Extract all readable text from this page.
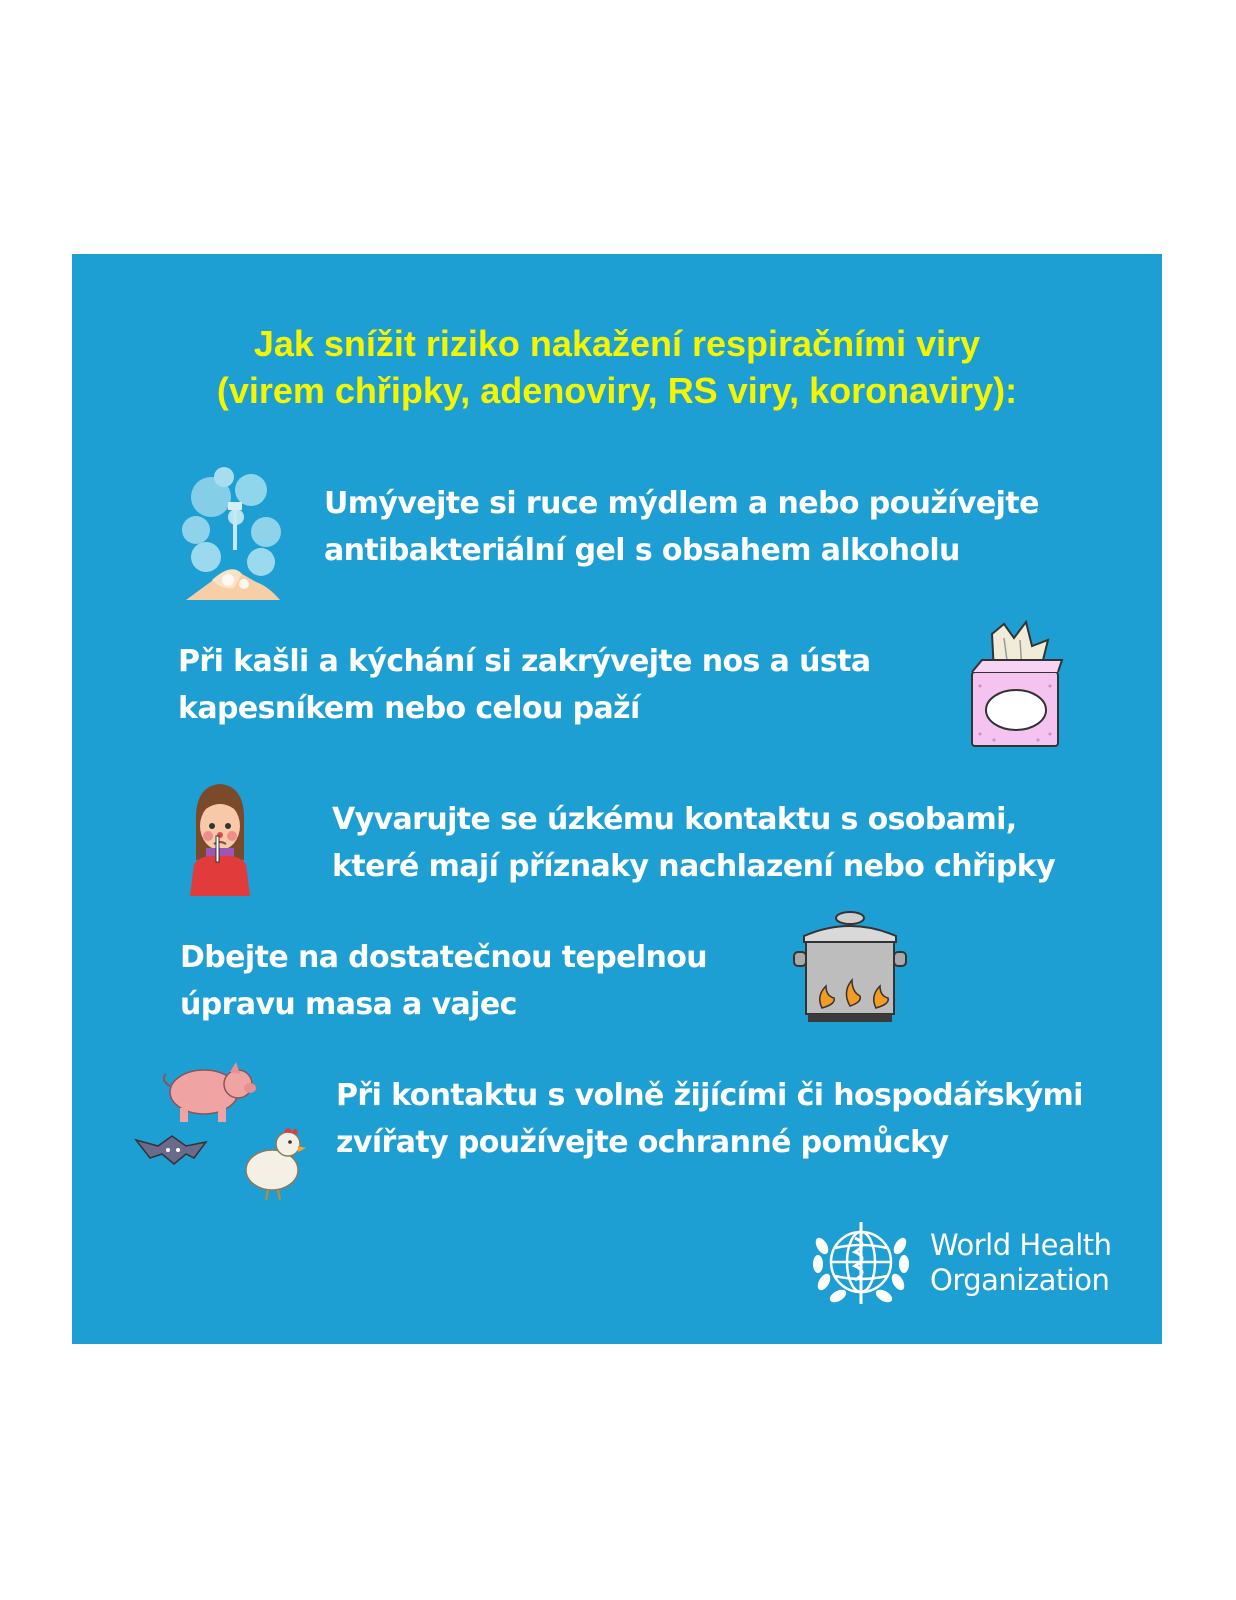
Jak snížit riziko nakažení respiračními viry
(virem chřipky, adenoviry, RS viry, koronaviry):
Umývejte si ruce mýdlem a nebo používejte
antibakteriální gel s obsahem alkoholu
Při kašli a kýchání si zakrývejte nos a ústa
kapesníkem nebo celou paží
Vyvarujte se úzkému kontaktu s osobami,
které mají příznaky nachlazení nebo chřipky
Dbejte na dostatečnou tepelnou
úpravu masa a vajec
Při kontaktu s volně žijícími či hospodářskými
zvířaty používejte ochranné pomůcky
World Health
Organization
